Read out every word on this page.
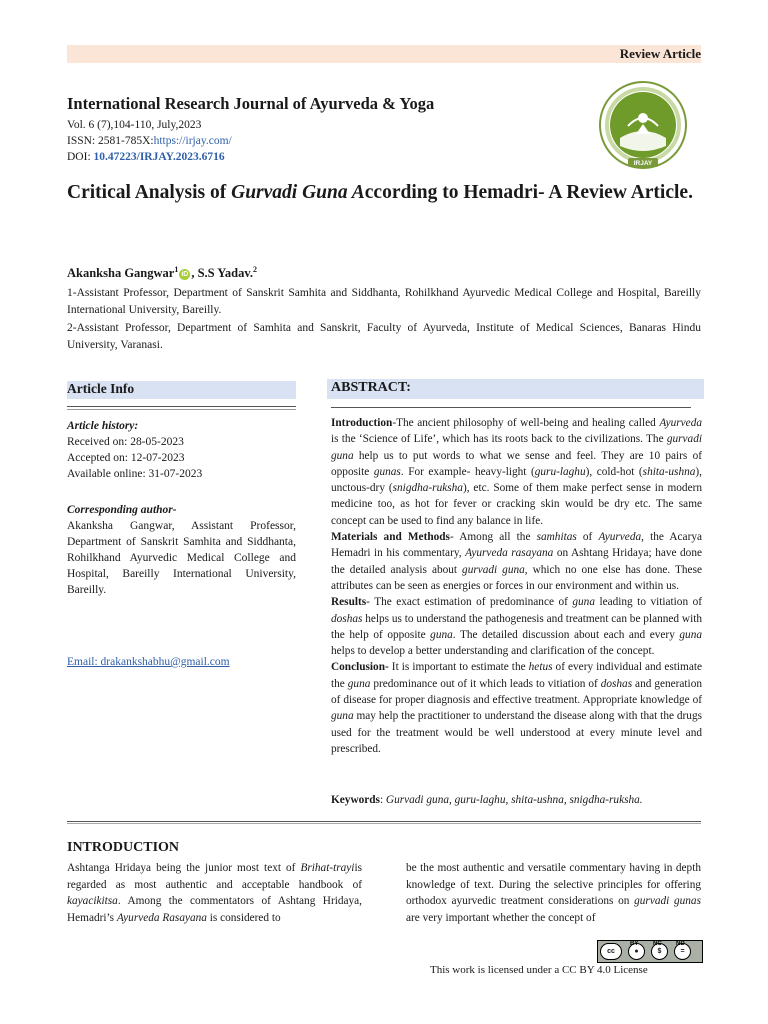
Review Article
International Research Journal of Ayurveda & Yoga
Vol. 6 (7),104-110, July,2023
ISSN: 2581-785X:https://irjay.com/
DOI: 10.47223/IRJAY.2023.6716
IRJAY
Critical Analysis of Gurvadi Guna According to Hemadri- A Review Article.
Akanksha Gangwar$^1$iD , S.S Yadav.$^2$
1-Assistant Professor, Department of Sanskrit Samhita and Siddhanta, Rohilkhand Ayurvedic Medical College and Hospital, Bareilly International University, Bareilly.
2-Assistant Professor, Department of Samhita and Sanskrit, Faculty of Ayurveda, Institute of Medical Sciences, Banaras Hindu University, Varanasi.
Article Info
Article history:
Received on: 28-05-2023
Accepted on: 12-07-2023
Available online: 31-07-2023
Corresponding author-
Akanksha Gangwar, Assistant Professor, Department of Sanskrit Samhita and Siddhanta, Rohilkhand Ayurvedic Medical College and Hospital, Bareilly International University, Bareilly.
Email: drakankshabhu@gmail.com
ABSTRACT:

Introduction-The ancient philosophy of well-being and healing called Ayurveda is the ‘Science of Life’, which has its roots back to the civilizations. The gurvadi guna help us to put words to what we sense and feel. They are 10 pairs of opposite gunas. For example- heavy-light (guru-laghu), cold-hot (shita-ushna), unctous-dry (snigdha-ruksha), etc. Some of them make perfect sense in modern medicine too, as hot for fever or cracking skin would be dry etc. The same concept can be used to find any balance in life.

Materials and Methods- Among all the samhitas of Ayurveda, the Acarya Hemadri in his commentary, Ayurveda rasayana on Ashtang Hridaya; have done the detailed analysis about gurvadi guna, which no one else has done. These attributes can be seen as energies or forces in our environment and within us.

Results- The exact estimation of predominance of guna leading to vitiation of doshas helps us to understand the pathogenesis and treatment can be planned with the help of opposite guna. The detailed discussion about each and every guna helps to develop a better understanding and clarification of the concept.

Conclusion- It is important to estimate the hetus of every individual and estimate the guna predominance out of it which leads to vitiation of doshas and generation of disease for proper diagnosis and effective treatment. Appropriate knowledge of guna may help the practitioner to understand the disease along with that the drugs used for the treatment would be well understood at every minute level and prescribed.

Keywords: Gurvadi guna, guru-laghu, shita-ushna, snigdha-ruksha.
INTRODUCTION
Ashtanga Hridaya being the junior most text of Brihat-trayiis regarded as most authentic and acceptable handbook of kayacikitsa. Among the commentators of Ashtang Hridaya, Hemadri’s Ayurveda Rasayana is considered to
be the most authentic and versatile commentary having in depth knowledge of text. During the selective principles for offering orthodox ayurvedic treatment considerations on gurvadi gunas are very important whether the concept of
cc	●	$	=
BY NC ND
This work is licensed under a CC BY 4.0 License
